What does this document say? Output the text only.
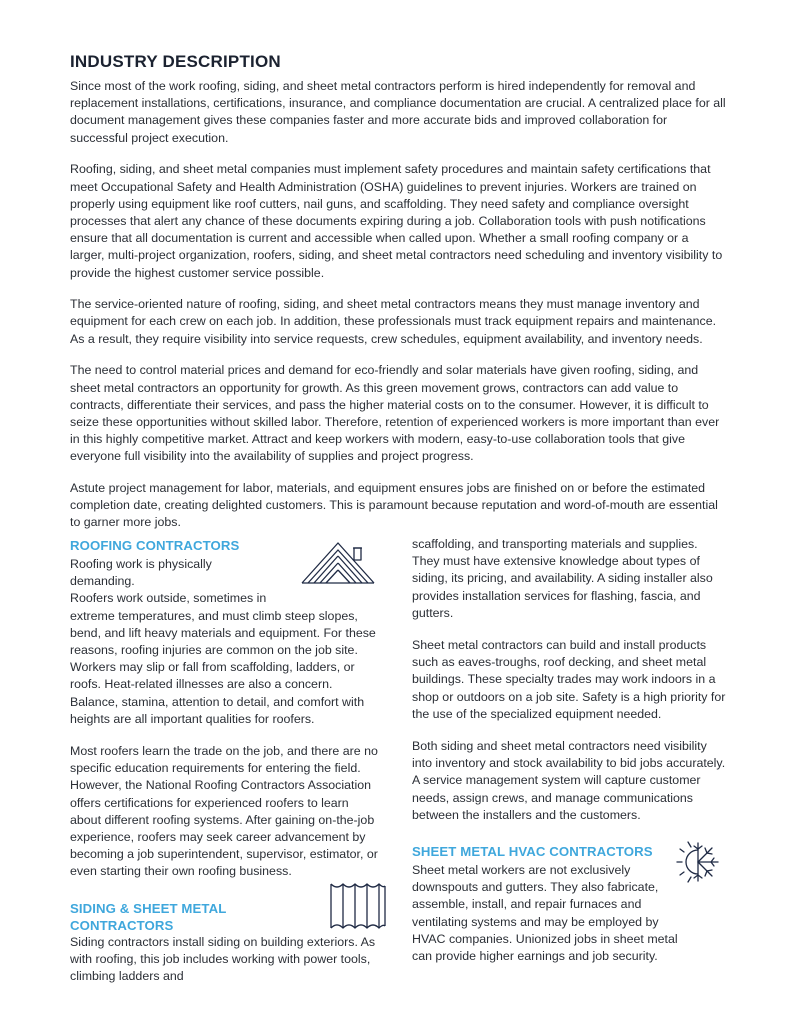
INDUSTRY DESCRIPTION

Since most of the work roofing, siding, and sheet metal contractors perform is hired independently for removal and replacement installations, certifications, insurance, and compliance documentation are crucial. A centralized place for all document management gives these companies faster and more accurate bids and improved collaboration for successful project execution.

Roofing, siding, and sheet metal companies must implement safety procedures and maintain safety certifications that meet Occupational Safety and Health Administration (OSHA) guidelines to prevent injuries. Workers are trained on properly using equipment like roof cutters, nail guns, and scaffolding. They need safety and compliance oversight processes that alert any chance of these documents expiring during a job. Collaboration tools with push notifications ensure that all documentation is current and accessible when called upon. Whether a small roofing company or a larger, multi-project organization, roofers, siding, and sheet metal contractors need scheduling and inventory visibility to provide the highest customer service possible.

The service-oriented nature of roofing, siding, and sheet metal contractors means they must manage inventory and equipment for each crew on each job. In addition, these professionals must track equipment repairs and maintenance. As a result, they require visibility into service requests, crew schedules, equipment availability, and inventory needs.

The need to control material prices and demand for eco-friendly and solar materials have given roofing, siding, and sheet metal contractors an opportunity for growth. As this green movement grows, contractors can add value to contracts, differentiate their services, and pass the higher material costs on to the consumer. However, it is difficult to seize these opportunities without skilled labor. Therefore, retention of experienced workers is more important than ever in this highly competitive market. Attract and keep workers with modern, easy-to-use collaboration tools that give everyone full visibility into the availability of supplies and project progress.

Astute project management for labor, materials, and equipment ensures jobs are finished on or before the estimated completion date, creating delighted customers. This is paramount because reputation and word-of-mouth are essential to garner more jobs.

ROOFING CONTRACTORS

Roofing work is physically demanding.

Roofers work outside, sometimes in

extreme temperatures, and must climb steep slopes, bend, and lift heavy materials and equipment. For these reasons, roofing injuries are common on the job site. Workers may slip or fall from scaffolding, ladders, or roofs. Heat-related illnesses are also a concern. Balance, stamina, attention to detail, and comfort with heights are all important qualities for roofers.

Most roofers learn the trade on the job, and there are no specific education requirements for entering the field. However, the National Roofing Contractors Association offers certifications for experienced roofers to learn about different roofing systems. After gaining on-the-job experience, roofers may seek career advancement by becoming a job superintendent, supervisor, estimator, or even starting their own roofing business.

SIDING & SHEET METAL
CONTRACTORS

Siding contractors install siding on building exteriors. As with roofing, this job includes working with power tools, climbing ladders and

scaffolding, and transporting materials and supplies. They must have extensive knowledge about types of siding, its pricing, and availability. A siding installer also provides installation services for flashing, fascia, and gutters.

Sheet metal contractors can build and install products such as eaves-troughs, roof decking, and sheet metal buildings. These specialty trades may work indoors in a shop or outdoors on a job site. Safety is a high priority for the use of the specialized equipment needed.

Both siding and sheet metal contractors need visibility into inventory and stock availability to bid jobs accurately. A service management system will capture customer needs, assign crews, and manage communications between the installers and the customers.

SHEET METAL HVAC CONTRACTORS

Sheet metal workers are not exclusively downspouts and gutters. They also fabricate, assemble, install, and repair furnaces and ventilating systems and may be employed by HVAC companies. Unionized jobs in sheet metal can provide higher earnings and job security.
